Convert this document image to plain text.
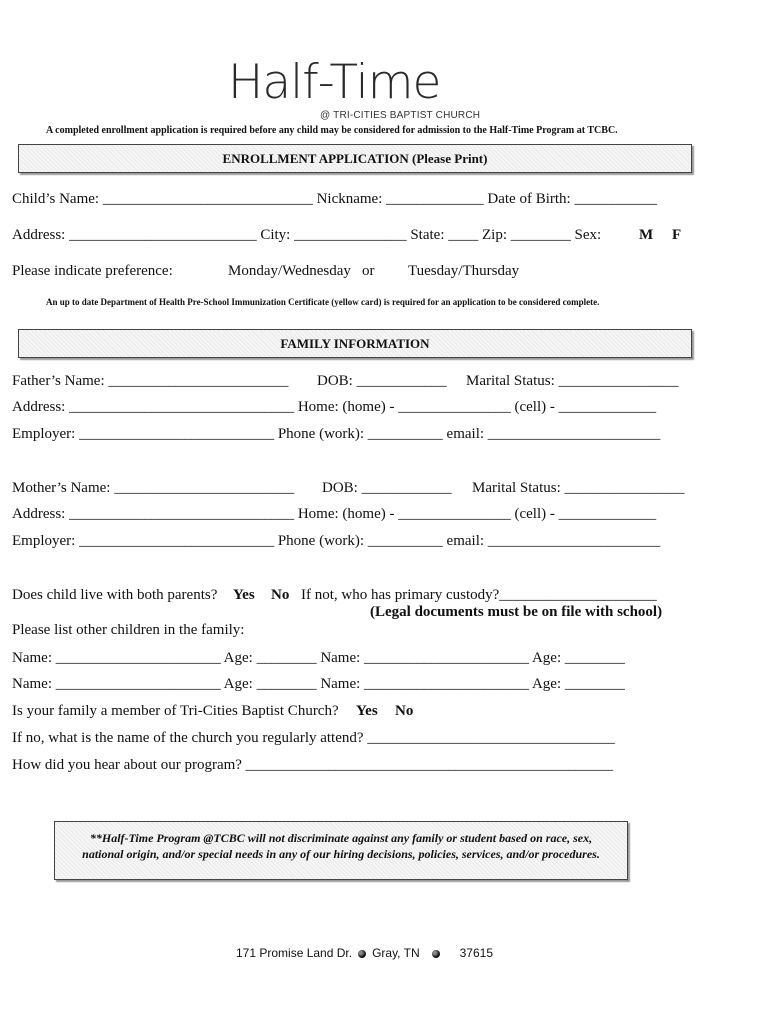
Half-Time
@ TRI-CITIES BAPTIST CHURCH
A completed enrollment application is required before any child may be considered for admission to the Half-Time Program at TCBC.
ENROLLMENT APPLICATION (Please Print)
Child’s Name: ____________________________ Nickname: _____________ Date of Birth: ___________
Address: _________________________ City: _______________ State: ____ Zip: ________ Sex:	M F
Please indicate preference:	Monday/Wednesday or Tuesday/Thursday
An up to date Department of Health Pre-School Immunization Certificate (yellow card) is required for an application to be considered complete.
FAMILY INFORMATION
Father’s Name: ________________________ DOB: ____________ Marital Status: ________________
Address: ______________________________ Home: (home) - _______________ (cell) - _____________
Employer: __________________________ Phone (work): __________ email: _______________________
Mother’s Name: ________________________ DOB: ____________ Marital Status: ________________
Address: ______________________________ Home: (home) - _______________ (cell) - _____________
Employer: __________________________ Phone (work): __________ email: _______________________
Does child live with both parents? Yes No If not, who has primary custody?_____________________
(Legal documents must be on file with school)
Please list other children in the family:
Name: ______________________ Age: ________ Name: ______________________ Age: ________
Name: ______________________ Age: ________ Name: ______________________ Age: ________
Is your family a member of Tri-Cities Baptist Church? Yes No
If no, what is the name of the church you regularly attend? _________________________________
How did you hear about our program? _________________________________________________
**Half-Time Program @TCBC will not discriminate against any family or student based on race, sex,
national origin, and/or special needs in any of our hiring decisions, policies, services, and/or procedures.
171 Promise Land Dr. Gray, TN	37615
